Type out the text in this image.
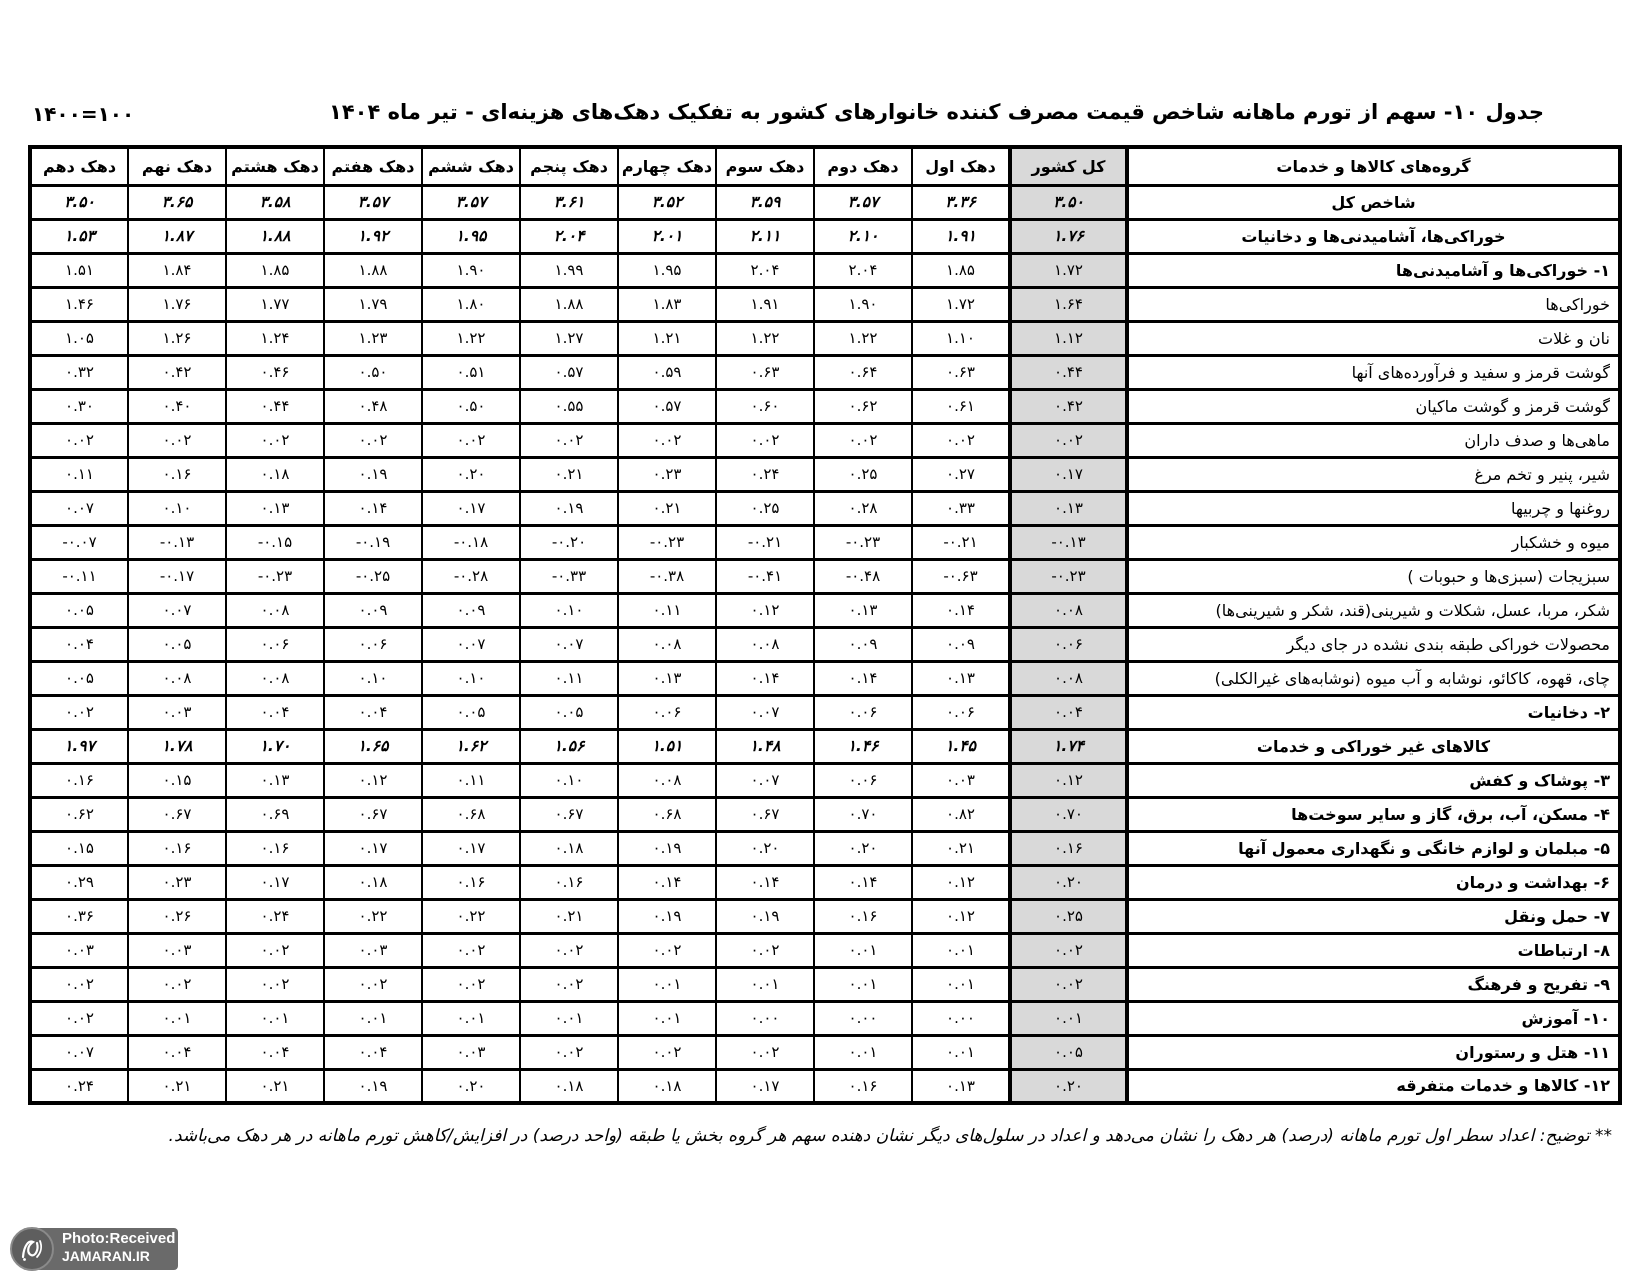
۱۴۰۰=۱۰۰	جدول ۱۰- سهم از تورم ماهانه شاخص قیمت مصرف کننده خانوارهای کشور به تفکیک دهک‌های هزینه‌ای - تیر ماه ۱۴۰۴
گروه‌های کالاها و خدمات	کل کشور	دهک اول	دهک دوم	دهک سوم	دهک چهارم	دهک پنجم	دهک ششم	دهک هفتم	دهک هشتم	دهک نهم	دهک دهم
شاخص کل	۳.۵۰	۳.۳۶	۳.۵۷	۳.۵۹	۳.۵۲	۳.۶۱	۳.۵۷	۳.۵۷	۳.۵۸	۳.۶۵	۳.۵۰
خوراکی‌ها، آشامیدنی‌ها و دخانیات	۱.۷۶	۱.۹۱	۲.۱۰	۲.۱۱	۲.۰۱	۲.۰۴	۱.۹۵	۱.۹۲	۱.۸۸	۱.۸۷	۱.۵۳
۱- خوراکی‌ها و آشامیدنی‌ها	۱.۷۲	۱.۸۵	۲.۰۴	۲.۰۴	۱.۹۵	۱.۹۹	۱.۹۰	۱.۸۸	۱.۸۵	۱.۸۴	۱.۵۱
خوراکی‌ها	۱.۶۴	۱.۷۲	۱.۹۰	۱.۹۱	۱.۸۳	۱.۸۸	۱.۸۰	۱.۷۹	۱.۷۷	۱.۷۶	۱.۴۶
نان و غلات	۱.۱۲	۱.۱۰	۱.۲۲	۱.۲۲	۱.۲۱	۱.۲۷	۱.۲۲	۱.۲۳	۱.۲۴	۱.۲۶	۱.۰۵
گوشت قرمز و سفید و فرآورده‌های آنها	۰.۴۴	۰.۶۳	۰.۶۴	۰.۶۳	۰.۵۹	۰.۵۷	۰.۵۱	۰.۵۰	۰.۴۶	۰.۴۲	۰.۳۲
گوشت قرمز و گوشت ماکیان	۰.۴۲	۰.۶۱	۰.۶۲	۰.۶۰	۰.۵۷	۰.۵۵	۰.۵۰	۰.۴۸	۰.۴۴	۰.۴۰	۰.۳۰
ماهی‌ها و صدف داران	۰.۰۲	۰.۰۲	۰.۰۲	۰.۰۲	۰.۰۲	۰.۰۲	۰.۰۲	۰.۰۲	۰.۰۲	۰.۰۲	۰.۰۲
شیر، پنیر و تخم مرغ	۰.۱۷	۰.۲۷	۰.۲۵	۰.۲۴	۰.۲۳	۰.۲۱	۰.۲۰	۰.۱۹	۰.۱۸	۰.۱۶	۰.۱۱
روغنها و چربیها	۰.۱۳	۰.۳۳	۰.۲۸	۰.۲۵	۰.۲۱	۰.۱۹	۰.۱۷	۰.۱۴	۰.۱۳	۰.۱۰	۰.۰۷
میوه و خشکبار	-۰.۱۳	-۰.۲۱	-۰.۲۳	-۰.۲۱	-۰.۲۳	-۰.۲۰	-۰.۱۸	-۰.۱۹	-۰.۱۵	-۰.۱۳	-۰.۰۷
سبزیجات (سبزی‌ها و حبوبات )	-۰.۲۳	-۰.۶۳	-۰.۴۸	-۰.۴۱	-۰.۳۸	-۰.۳۳	-۰.۲۸	-۰.۲۵	-۰.۲۳	-۰.۱۷	-۰.۱۱
شکر، مربا، عسل، شکلات و شیرینی(قند، شکر و شیرینی‌ها)	۰.۰۸	۰.۱۴	۰.۱۳	۰.۱۲	۰.۱۱	۰.۱۰	۰.۰۹	۰.۰۹	۰.۰۸	۰.۰۷	۰.۰۵
محصولات خوراکی طبقه بندی نشده در جای دیگر	۰.۰۶	۰.۰۹	۰.۰۹	۰.۰۸	۰.۰۸	۰.۰۷	۰.۰۷	۰.۰۶	۰.۰۶	۰.۰۵	۰.۰۴
چای، قهوه، کاکائو، نوشابه و آب میوه (نوشابه‌های غیرالکلی)	۰.۰۸	۰.۱۳	۰.۱۴	۰.۱۴	۰.۱۳	۰.۱۱	۰.۱۰	۰.۱۰	۰.۰۸	۰.۰۸	۰.۰۵
۲- دخانیات	۰.۰۴	۰.۰۶	۰.۰۶	۰.۰۷	۰.۰۶	۰.۰۵	۰.۰۵	۰.۰۴	۰.۰۴	۰.۰۳	۰.۰۲
کالاهای غیر خوراکی و خدمات	۱.۷۴	۱.۴۵	۱.۴۶	۱.۴۸	۱.۵۱	۱.۵۶	۱.۶۲	۱.۶۵	۱.۷۰	۱.۷۸	۱.۹۷
۳- پوشاک و کفش	۰.۱۲	۰.۰۳	۰.۰۶	۰.۰۷	۰.۰۸	۰.۱۰	۰.۱۱	۰.۱۲	۰.۱۳	۰.۱۵	۰.۱۶
۴- مسکن، آب، برق، گاز و سایر سوخت‌ها	۰.۷۰	۰.۸۲	۰.۷۰	۰.۶۷	۰.۶۸	۰.۶۷	۰.۶۸	۰.۶۷	۰.۶۹	۰.۶۷	۰.۶۲
۵- مبلمان و لوازم خانگی و نگهداری معمول آنها	۰.۱۶	۰.۲۱	۰.۲۰	۰.۲۰	۰.۱۹	۰.۱۸	۰.۱۷	۰.۱۷	۰.۱۶	۰.۱۶	۰.۱۵
۶- بهداشت و درمان	۰.۲۰	۰.۱۲	۰.۱۴	۰.۱۴	۰.۱۴	۰.۱۶	۰.۱۶	۰.۱۸	۰.۱۷	۰.۲۳	۰.۲۹
۷- حمل ونقل	۰.۲۵	۰.۱۲	۰.۱۶	۰.۱۹	۰.۱۹	۰.۲۱	۰.۲۲	۰.۲۲	۰.۲۴	۰.۲۶	۰.۳۶
۸- ارتباطات	۰.۰۲	۰.۰۱	۰.۰۱	۰.۰۲	۰.۰۲	۰.۰۲	۰.۰۲	۰.۰۳	۰.۰۲	۰.۰۳	۰.۰۳
۹- تفریح و فرهنگ	۰.۰۲	۰.۰۱	۰.۰۱	۰.۰۱	۰.۰۱	۰.۰۲	۰.۰۲	۰.۰۲	۰.۰۲	۰.۰۲	۰.۰۲
۱۰- آموزش	۰.۰۱	۰.۰۰	۰.۰۰	۰.۰۰	۰.۰۱	۰.۰۱	۰.۰۱	۰.۰۱	۰.۰۱	۰.۰۱	۰.۰۲
۱۱- هتل و رستوران	۰.۰۵	۰.۰۱	۰.۰۱	۰.۰۲	۰.۰۲	۰.۰۲	۰.۰۳	۰.۰۴	۰.۰۴	۰.۰۴	۰.۰۷
۱۲- کالاها و خدمات متفرقه	۰.۲۰	۰.۱۳	۰.۱۶	۰.۱۷	۰.۱۸	۰.۱۸	۰.۲۰	۰.۱۹	۰.۲۱	۰.۲۱	۰.۲۴
** توضیح: اعداد سطر اول تورم ماهانه (درصد) هر دهک را نشان می‌دهد و اعداد در سلول‌های دیگر نشان دهنده سهم هر گروه بخش یا طبقه (واحد درصد) در افزایش/کاهش تورم ماهانه در هر دهک می‌باشد.
Photo:Received
JAMARAN.IR
